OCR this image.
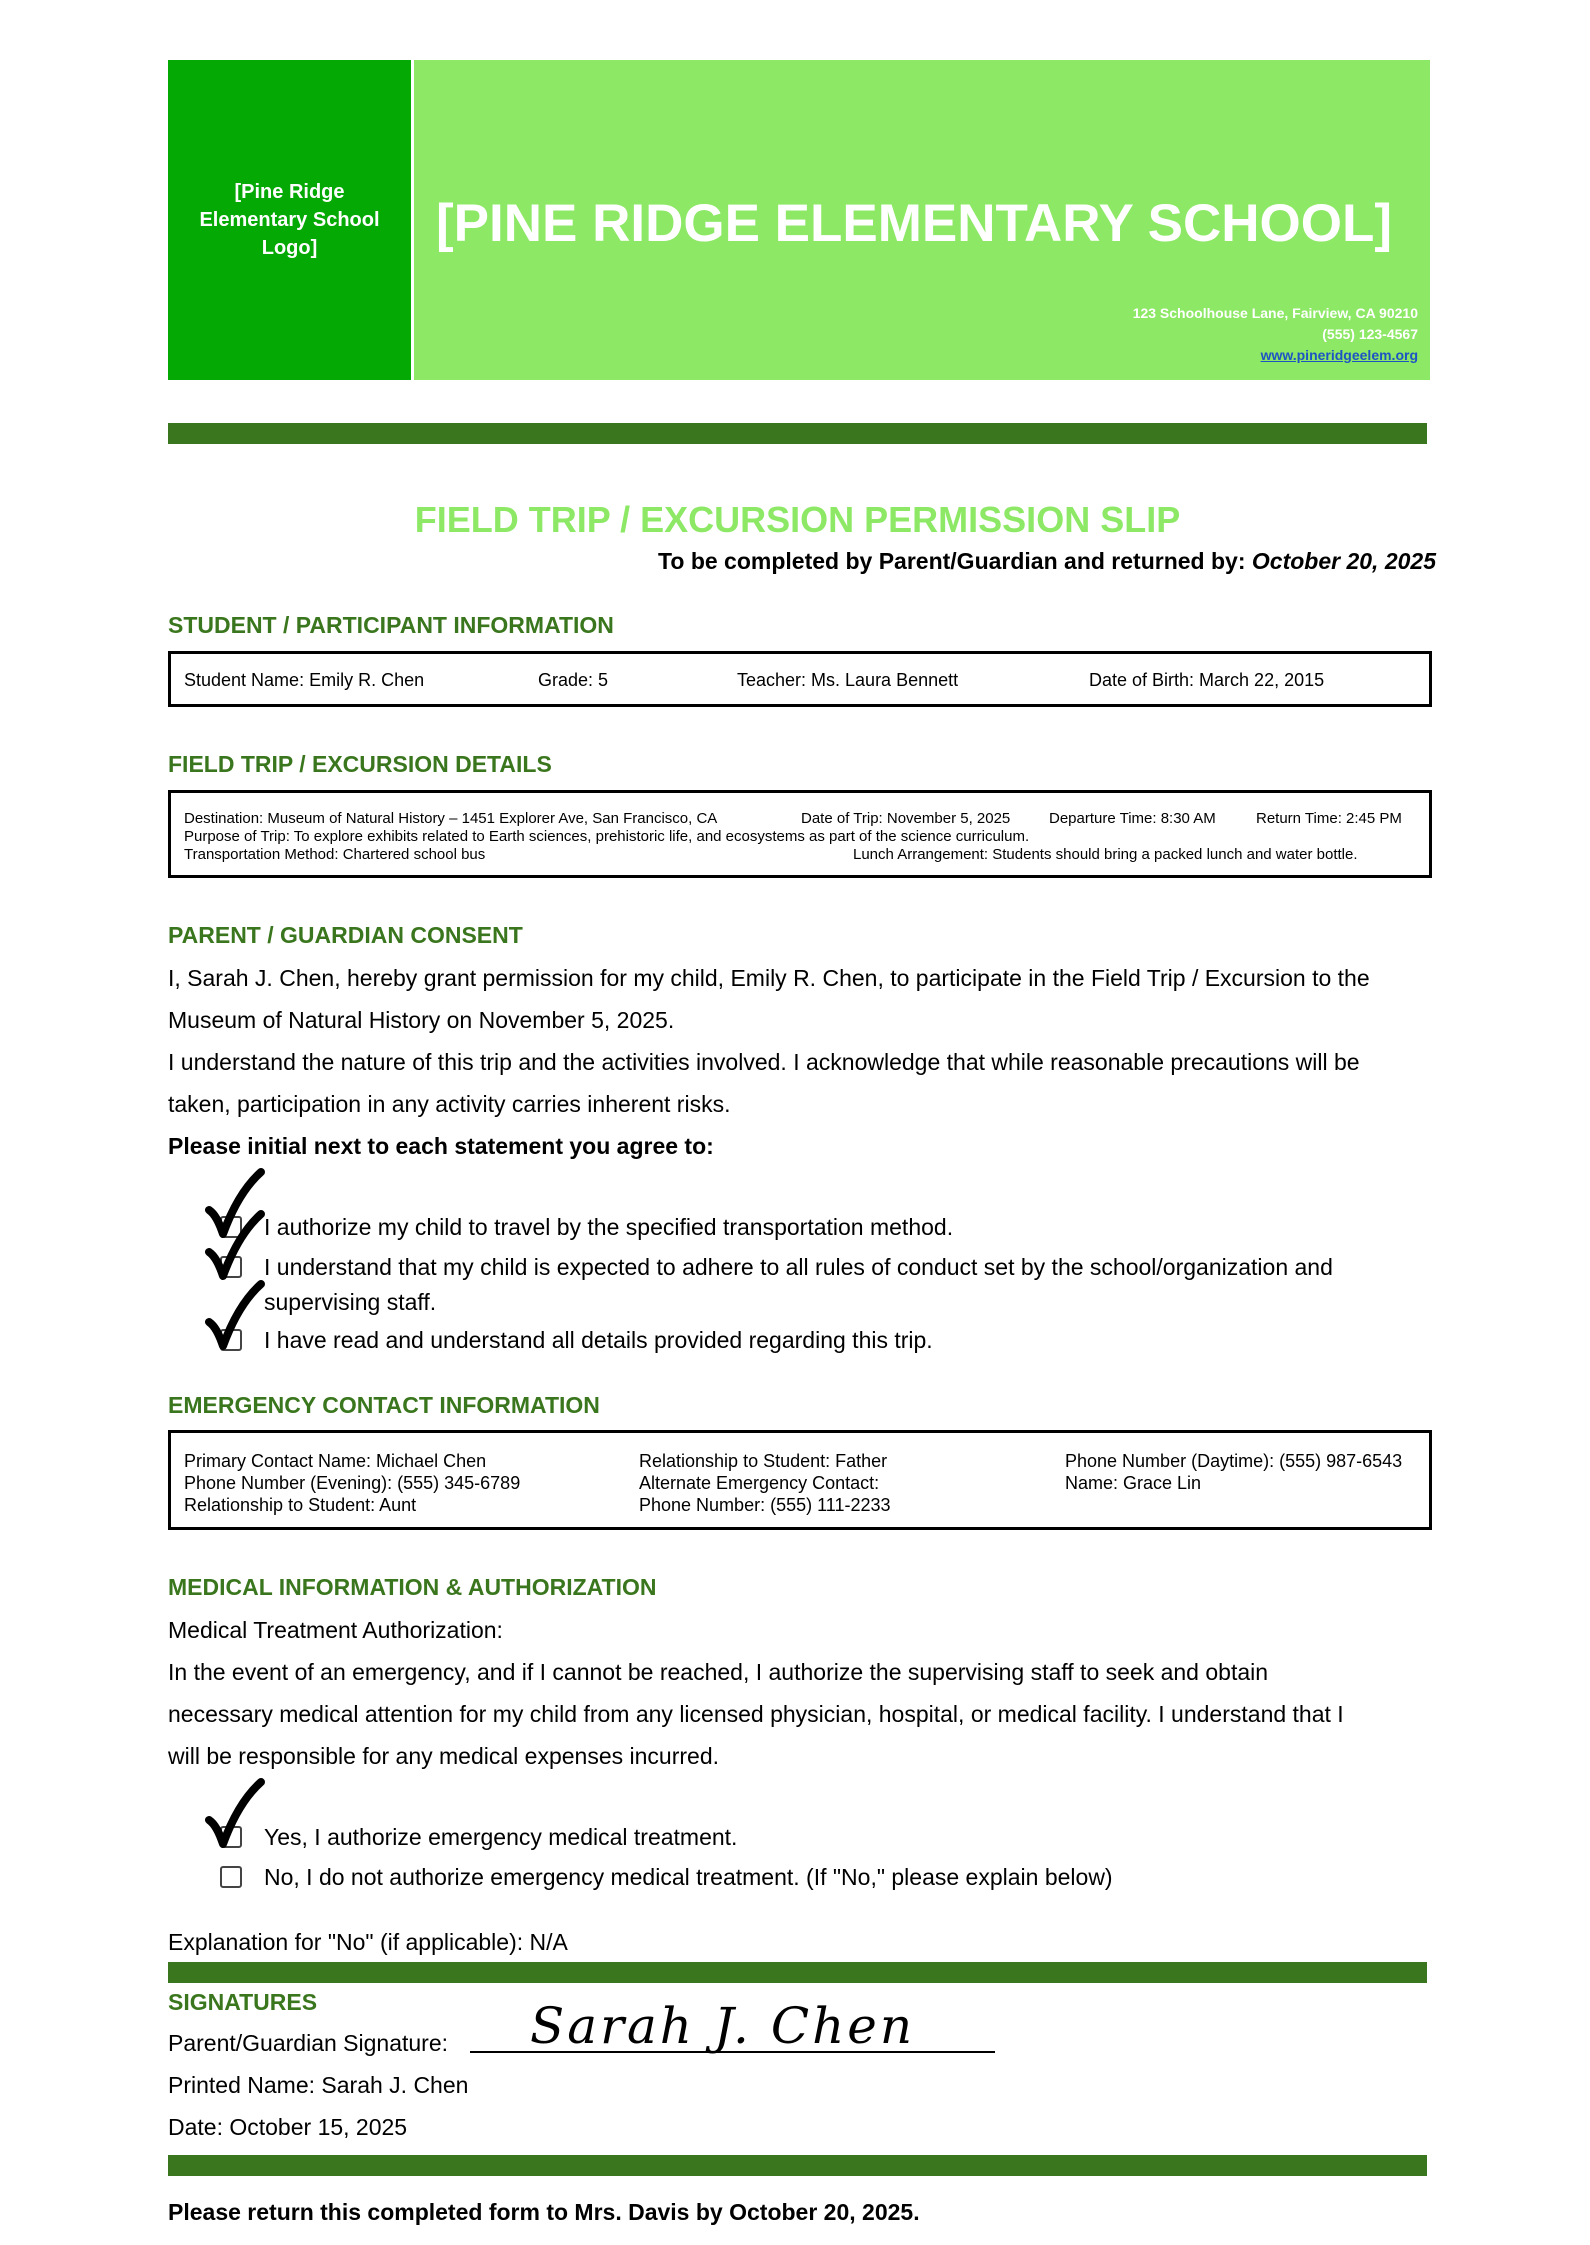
[Pine Ridge Elementary School Logo]	[PINE RIDGE ELEMENTARY SCHOOL]
123 Schoolhouse Lane, Fairview, CA 90210
(555) 123-4567
www.pineridgeelem.org
FIELD TRIP / EXCURSION PERMISSION SLIP
To be completed by Parent/Guardian and returned by: October 20, 2025
STUDENT / PARTICIPANT INFORMATION
Student Name: Emily R. Chen	Grade: 5	Teacher: Ms. Laura Bennett	Date of Birth: March 22, 2015
FIELD TRIP / EXCURSION DETAILS
Destination: Museum of Natural History – 1451 Explorer Ave, San Francisco, CA	Date of Trip: November 5, 2025	Departure Time: 8:30 AM	Return Time: 2:45 PM
Purpose of Trip: To explore exhibits related to Earth sciences, prehistoric life, and ecosystems as part of the science curriculum.
Transportation Method: Chartered school bus	Lunch Arrangement: Students should bring a packed lunch and water bottle.
PARENT / GUARDIAN CONSENT
I, Sarah J. Chen, hereby grant permission for my child, Emily R. Chen, to participate in the Field Trip / Excursion to the
Museum of Natural History on November 5, 2025.
I understand the nature of this trip and the activities involved. I acknowledge that while reasonable precautions will be
taken, participation in any activity carries inherent risks.
Please initial next to each statement you agree to:
I authorize my child to travel by the specified transportation method.
I understand that my child is expected to adhere to all rules of conduct set by the school/organization and
supervising staff.
I have read and understand all details provided regarding this trip.
EMERGENCY CONTACT INFORMATION
Primary Contact Name: Michael Chen	Relationship to Student: Father	Phone Number (Daytime): (555) 987-6543
Phone Number (Evening): (555) 345-6789	Alternate Emergency Contact:	Name: Grace Lin
Relationship to Student: Aunt	Phone Number: (555) 111-2233
MEDICAL INFORMATION & AUTHORIZATION
Medical Treatment Authorization:
In the event of an emergency, and if I cannot be reached, I authorize the supervising staff to seek and obtain
necessary medical attention for my child from any licensed physician, hospital, or medical facility. I understand that I
will be responsible for any medical expenses incurred.
Yes, I authorize emergency medical treatment.
No, I do not authorize emergency medical treatment. (If "No," please explain below)
Explanation for "No" (if applicable): N/A
SIGNATURES
Parent/Guardian Signature: Sarah J. Chen
Printed Name: Sarah J. Chen
Date: October 15, 2025
Please return this completed form to Mrs. Davis by October 20, 2025.
